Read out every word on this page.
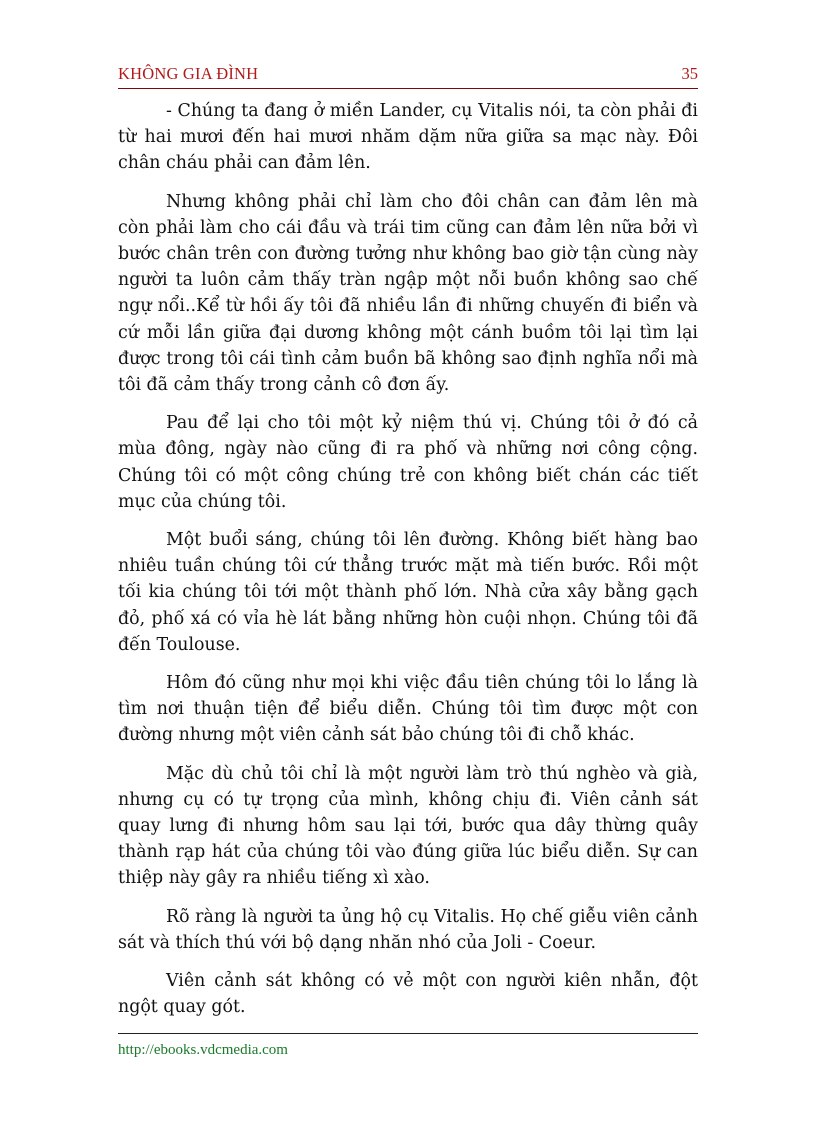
KHÔNG GIA ĐÌNH	35

- Chúng ta đang ở miền Lander, cụ Vitalis nói, ta còn phải đi từ hai mươi đến hai mươi nhăm dặm nữa giữa sa mạc này. Đôi chân cháu phải can đảm lên.

Nhưng không phải chỉ làm cho đôi chân can đảm lên mà còn phải làm cho cái đầu và trái tim cũng can đảm lên nữa bởi vì bước chân trên con đường tưởng như không bao giờ tận cùng này người ta luôn cảm thấy tràn ngập một nỗi buồn không sao chế ngự nổi..Kể từ hồi ấy tôi đã nhiều lần đi những chuyến đi biển và cứ mỗi lần giữa đại dương không một cánh buồm tôi lại tìm lại được trong tôi cái tình cảm buồn bã không sao định nghĩa nổi mà tôi đã cảm thấy trong cảnh cô đơn ấy.

Pau để lại cho tôi một kỷ niệm thú vị. Chúng tôi ở đó cả mùa đông, ngày nào cũng đi ra phố và những nơi công cộng. Chúng tôi có một công chúng trẻ con không biết chán các tiết mục của chúng tôi.

Một buổi sáng, chúng tôi lên đường. Không biết hàng bao nhiêu tuần chúng tôi cứ thẳng trước mặt mà tiến bước. Rồi một tối kia chúng tôi tới một thành phố lớn. Nhà cửa xây bằng gạch đỏ, phố xá có vỉa hè lát bằng những hòn cuội nhọn. Chúng tôi đã đến Toulouse.

Hôm đó cũng như mọi khi việc đầu tiên chúng tôi lo lắng là tìm nơi thuận tiện để biểu diễn. Chúng tôi tìm được một con đường nhưng một viên cảnh sát bảo chúng tôi đi chỗ khác.

Mặc dù chủ tôi chỉ là một người làm trò thú nghèo và già, nhưng cụ có tự trọng của mình, không chịu đi. Viên cảnh sát quay lưng đi nhưng hôm sau lại tới, bước qua dây thừng quây thành rạp hát của chúng tôi vào đúng giữa lúc biểu diễn. Sự can thiệp này gây ra nhiều tiếng xì xào.

Rõ ràng là người ta ủng hộ cụ Vitalis. Họ chế giễu viên cảnh sát và thích thú với bộ dạng nhăn nhó của Joli - Coeur.

Viên cảnh sát không có vẻ một con người kiên nhẫn, đột ngột quay gót.

http://ebooks.vdcmedia.com
